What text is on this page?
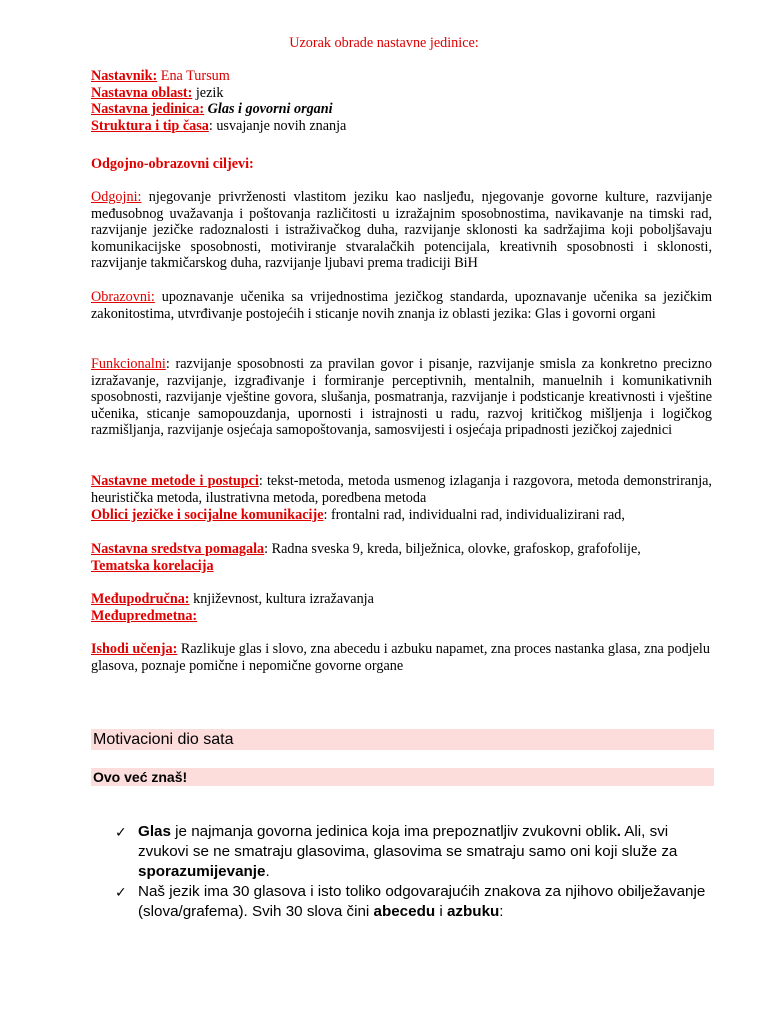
Uzorak obrade nastavne jedinice:
Nastavnik: Ena Tursum
Nastavna oblast: jezik
Nastavna jedinica: Glas i govorni organi
Struktura i tip časa: usvajanje novih znanja
Odgojno-obrazovni ciljevi:
Odgojni: njegovanje privrženosti vlastitom jeziku kao nasljeđu, njegovanje govorne kulture, razvijanje međusobnog uvažavanja i poštovanja različitosti u izražajnim sposobnostima, navikavanje na timski rad, razvijanje jezičke radoznalosti i istraživačkog duha, razvijanje sklonosti ka sadržajima koji poboljšavaju komunikacijske sposobnosti, motiviranje stvaralačkih potencijala, kreativnih sposobnosti i sklonosti, razvijanje takmičarskog duha, razvijanje ljubavi prema tradiciji BiH
Obrazovni: upoznavanje učenika sa vrijednostima jezičkog standarda, upoznavanje učenika sa jezičkim zakonitostima, utvrđivanje postojećih i sticanje novih znanja iz oblasti jezika: Glas i govorni organi
Funkcionalni: razvijanje sposobnosti za pravilan govor i pisanje, razvijanje smisla za konkretno precizno izražavanje, razvijanje, izgrađivanje i formiranje perceptivnih, mentalnih, manuelnih i komunikativnih sposobnosti, razvijanje vještine govora, slušanja, posmatranja, razvijanje i podsticanje kreativnosti i vještine učenika, sticanje samopouzdanja, upornosti i istrajnosti u radu, razvoj kritičkog mišljenja i logičkog razmišljanja, razvijanje osjećaja samopoštovanja, samosvijesti i osjećaja pripadnosti jezičkoj zajednici
Nastavne metode i postupci: tekst-metoda, metoda usmenog izlaganja i razgovora, metoda demonstriranja, heuristička metoda, ilustrativna metoda, poredbena metoda
Oblici jezičke i socijalne komunikacije: frontalni rad, individualni rad, individualizirani rad,
Nastavna sredstva pomagala: Radna sveska 9, kreda, bilježnica, olovke, grafoskop, grafofolije,
Tematska korelacija
Međupodručna: književnost, kultura izražavanja
Međupredmetna:
Ishodi učenja: Razlikuje glas i slovo, zna abecedu i azbuku napamet, zna proces nastanka glasa, zna podjelu glasova, poznaje pomične i nepomične govorne organe
Motivacioni dio sata
Ovo već znaš!
✓ Glas je najmanja govorna jedinica koja ima prepoznatljiv zvukovni oblik. Ali, svi zvukovi se ne smatraju glasovima, glasovima se smatraju samo oni koji služe za sporazumijevanje.
✓ Naš jezik ima 30 glasova i isto toliko odgovarajućih znakova za njihovo obilježavanje (slova/grafema). Svih 30 slova čini abecedu i azbuku:
